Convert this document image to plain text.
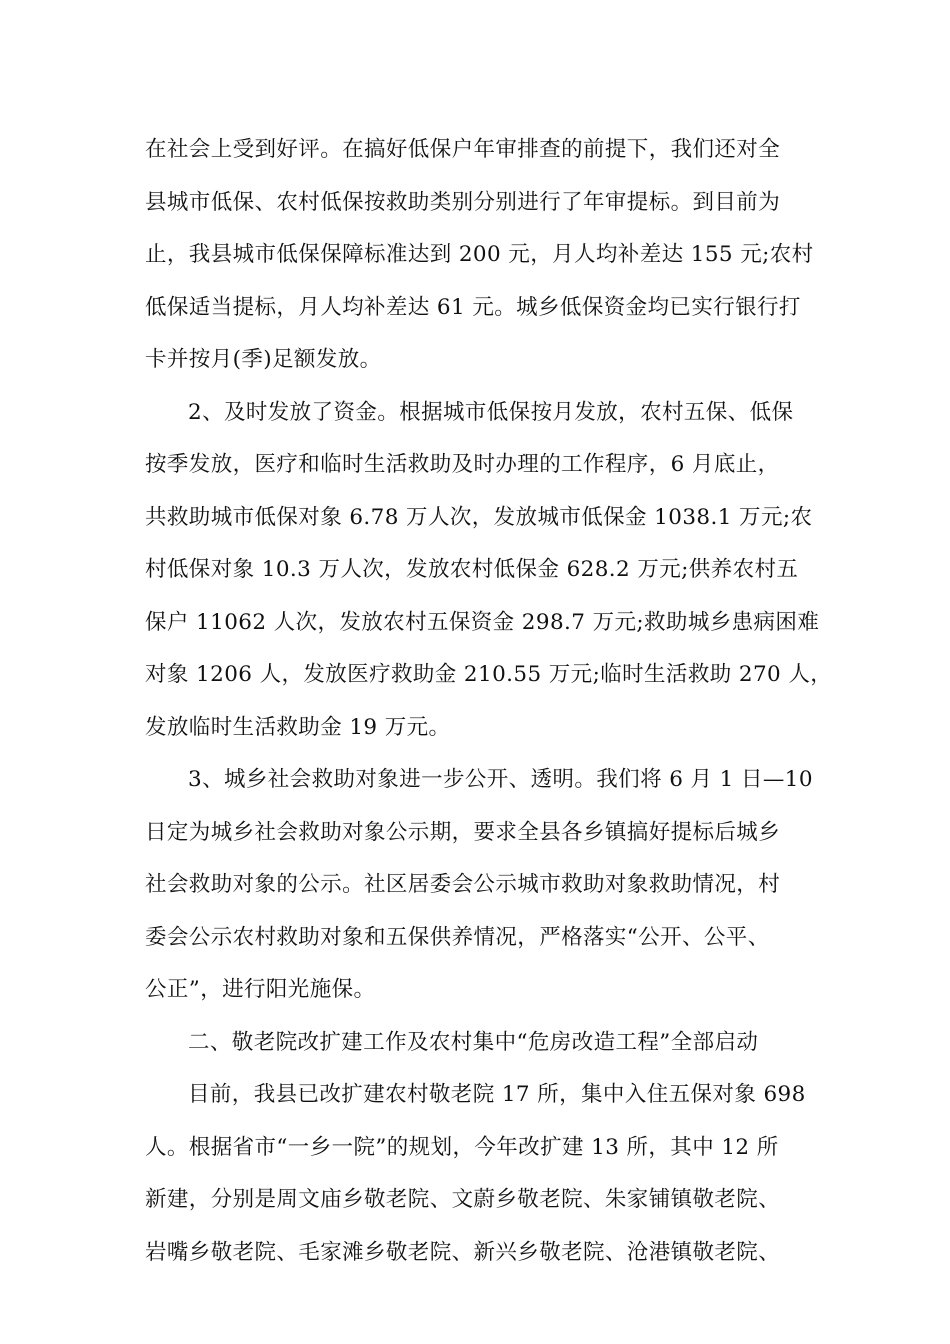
在社会上受到好评。在搞好低保户年审排查的前提下，我们还对全
县城市低保、农村低保按救助类别分别进行了年审提标。到目前为
止，我县城市低保保障标准达到 200 元，月人均补差达 155 元;农村
低保适当提标，月人均补差达 61 元。城乡低保资金均已实行银行打
卡并按月(季)足额发放。
2、及时发放了资金。根据城市低保按月发放，农村五保、低保
按季发放，医疗和临时生活救助及时办理的工作程序，6 月底止，
共救助城市低保对象 6.78 万人次，发放城市低保金 1038.1 万元;农
村低保对象 10.3 万人次，发放农村低保金 628.2 万元;供养农村五
保户 11062 人次，发放农村五保资金 298.7 万元;救助城乡患病困难
对象 1206 人，发放医疗救助金 210.55 万元;临时生活救助 270 人，
发放临时生活救助金 19 万元。
3、城乡社会救助对象进一步公开、透明。我们将 6 月 1 日—10
日定为城乡社会救助对象公示期，要求全县各乡镇搞好提标后城乡
社会救助对象的公示。社区居委会公示城市救助对象救助情况，村
委会公示农村救助对象和五保供养情况，严格落实“公开、公平、
公正”，进行阳光施保。
二、敬老院改扩建工作及农村集中“危房改造工程”全部启动
目前，我县已改扩建农村敬老院 17 所，集中入住五保对象 698
人。根据省市“一乡一院”的规划，今年改扩建 13 所，其中 12 所
新建，分别是周文庙乡敬老院、文蔚乡敬老院、朱家铺镇敬老院、
岩嘴乡敬老院、毛家滩乡敬老院、新兴乡敬老院、沧港镇敬老院、
